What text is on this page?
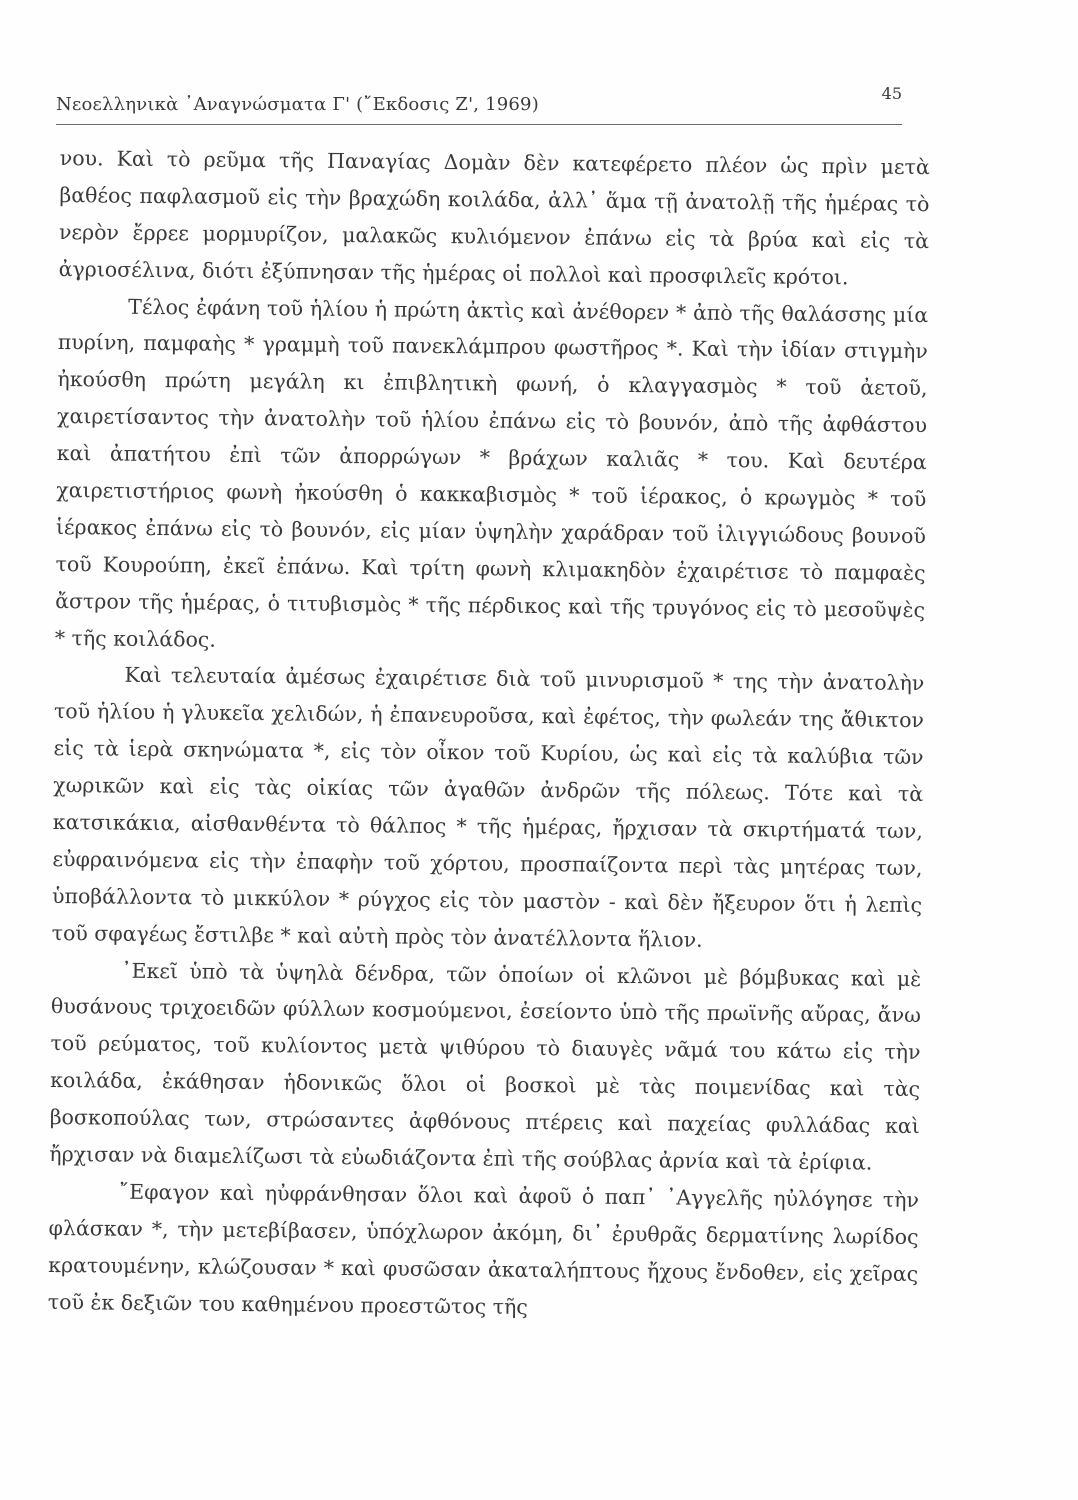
Νεοελληνικὰ ᾿Αναγνώσματα Γ' (῎Εκδοσις Ζ', 1969)
45

νου. Καὶ τὸ ρεῦμα τῆς Παναγίας Δομὰν δὲν κατεφέρετο πλέον ὡς πρὶν μετὰ βαθέος παφλασμοῦ εἰς τὴν βραχώδη κοιλάδα, ἀλλ᾿ ἅμα τῇ ἀνατολῇ τῆς ἡμέρας τὸ νερὸν ἔρρεε μορμυρίζον, μαλακῶς κυλιόμενον ἐπάνω εἰς τὰ βρύα καὶ εἰς τὰ ἀγριοσέλινα, διότι ἐξύπνησαν τῆς ἡμέρας οἱ πολλοὶ καὶ προσφιλεῖς κρότοι.

Τέλος ἐφάνη τοῦ ἡλίου ἡ πρώτη ἀκτὶς καὶ ἀνέθορεν * ἀπὸ τῆς θαλάσσης μία πυρίνη, παμφαὴς * γραμμὴ τοῦ πανεκλάμπρου φωστῆρος *. Καὶ τὴν ἰδίαν στιγμὴν ἠκούσθη πρώτη μεγάλη κι ἐπιβλητικὴ φωνή, ὁ κλαγγασμὸς * τοῦ ἀετοῦ, χαιρετίσαντος τὴν ἀνατολὴν τοῦ ἡλίου ἐπάνω εἰς τὸ βουνόν, ἀπὸ τῆς ἀφθάστου καὶ ἀπατήτου ἐπὶ τῶν ἀπορρώγων * βράχων καλιᾶς * του. Καὶ δευτέρα χαιρετιστήριος φωνὴ ἠκούσθη ὁ κακκαβισμὸς * τοῦ ἱέρακος, ὁ κρωγμὸς * τοῦ ἱέρακος ἐπάνω εἰς τὸ βουνόν, εἰς μίαν ὑψηλὴν χαράδραν τοῦ ἰλιγγιώδους βουνοῦ τοῦ Κουρούπη, ἐκεῖ ἐπάνω. Καὶ τρίτη φωνὴ κλιμακηδὸν ἐχαιρέτισε τὸ παμφαὲς ἄστρον τῆς ἡμέρας, ὁ τιτυβισμὸς * τῆς πέρδικος καὶ τῆς τρυγόνος εἰς τὸ μεσοῦψὲς * τῆς κοιλάδος.

Καὶ τελευταία ἀμέσως ἐχαιρέτισε διὰ τοῦ μινυρισμοῦ * της τὴν ἀνατολὴν τοῦ ἡλίου ἡ γλυκεῖα χελιδών, ἡ ἐπανευροῦσα, καὶ ἐφέτος, τὴν φωλεάν της ἄθικτον εἰς τὰ ἱερὰ σκηνώματα *, εἰς τὸν οἶκον τοῦ Κυρίου, ὡς καὶ εἰς τὰ καλύβια τῶν χωρικῶν καὶ εἰς τὰς οἰκίας τῶν ἀγαθῶν ἀνδρῶν τῆς πόλεως. Τότε καὶ τὰ κατσικάκια, αἰσθανθέντα τὸ θάλπος * τῆς ἡμέρας, ἤρχισαν τὰ σκιρτήματά των, εὐφραινόμενα εἰς τὴν ἐπαφὴν τοῦ χόρτου, προσπαίζοντα περὶ τὰς μητέρας των, ὑποβάλλοντα τὸ μικκύλον * ρύγχος εἰς τὸν μαστὸν - καὶ δὲν ἤξευρον ὅτι ἡ λεπὶς τοῦ σφαγέως ἔστιλβε * καὶ αὐτὴ πρὸς τὸν ἀνατέλλοντα ἥλιον.

᾿Εκεῖ ὑπὸ τὰ ὑψηλὰ δένδρα, τῶν ὁποίων οἱ κλῶνοι μὲ βόμβυκας καὶ μὲ θυσάνους τριχοειδῶν φύλλων κοσμούμενοι, ἐσείοντο ὑπὸ τῆς πρωϊνῆς αὔρας, ἄνω τοῦ ρεύματος, τοῦ κυλίοντος μετὰ ψιθύρου τὸ διαυγὲς νᾶμά του κάτω εἰς τὴν κοιλάδα, ἐκάθησαν ἡδονικῶς ὅλοι οἱ βοσκοὶ μὲ τὰς ποιμενίδας καὶ τὰς βοσκοπούλας των, στρώσαντες ἀφθόνους πτέρεις καὶ παχείας φυλλάδας καὶ ἤρχισαν νὰ διαμελίζωσι τὰ εὐωδιάζοντα ἐπὶ τῆς σούβλας ἀρνία καὶ τὰ ἐρίφια.

῎Εφαγον καὶ ηὐφράνθησαν ὅλοι καὶ ἀφοῦ ὁ παπ᾿ ᾿Αγγελῆς ηὐλόγησε τὴν φλάσκαν *, τὴν μετεβίβασεν, ὑπόχλωρον ἀκόμη, δι᾿ ἐρυθρᾶς δερματίνης λωρίδος κρατουμένην, κλώζουσαν * καὶ φυσῶσαν ἀκαταλήπτους ἤχους ἔνδοθεν, εἰς χεῖρας τοῦ ἐκ δεξιῶν του καθημένου προεστῶτος τῆς
